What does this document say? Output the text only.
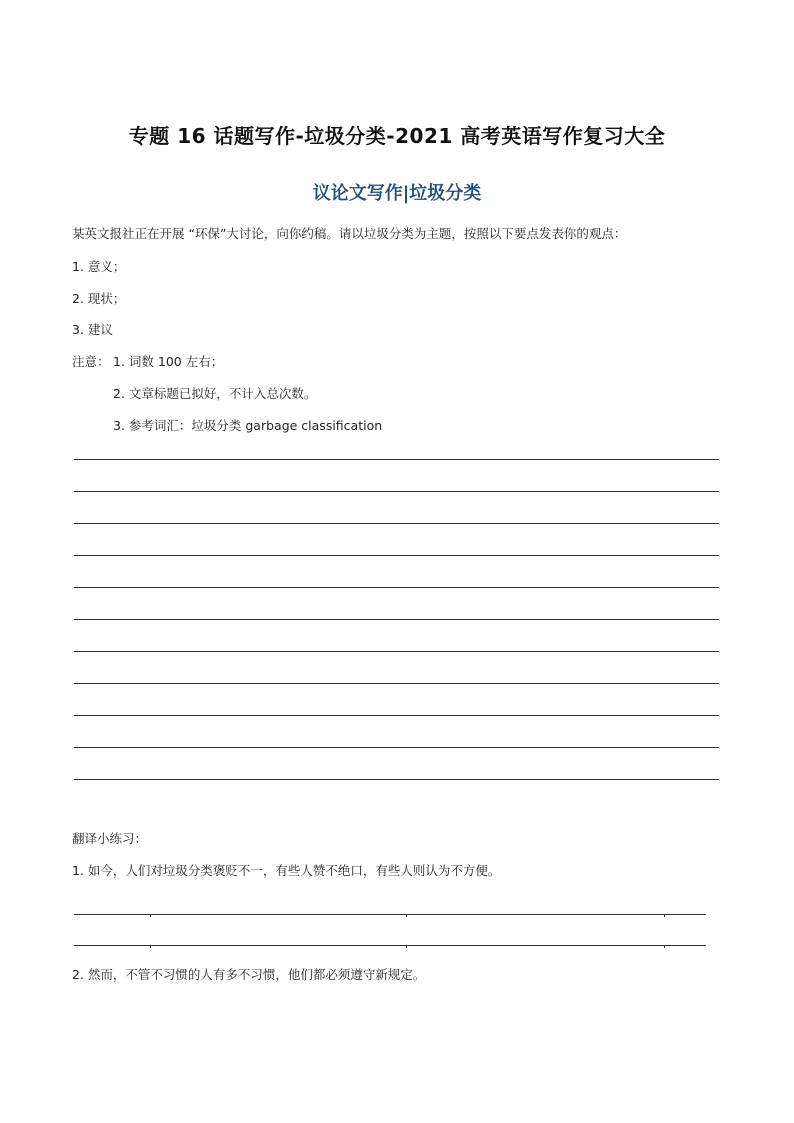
专题 16 话题写作-垃圾分类-2021 高考英语写作复习大全
议论文写作|垃圾分类
某英文报社正在开展 “环保”大讨论，向你约稿。请以垃圾分类为主题，按照以下要点发表你的观点：
1. 意义；
2. 现状；
3. 建议
注意： 1. 词数 100 左右；
2. 文章标题已拟好，不计入总次数。
3. 参考词汇：垃圾分类 garbage classification
翻译小练习：
1. 如今，人们对垃圾分类褒贬不一，有些人赞不绝口，有些人则认为不方便。
2. 然而，不管不习惯的人有多不习惯，他们都必须遵守新规定。
